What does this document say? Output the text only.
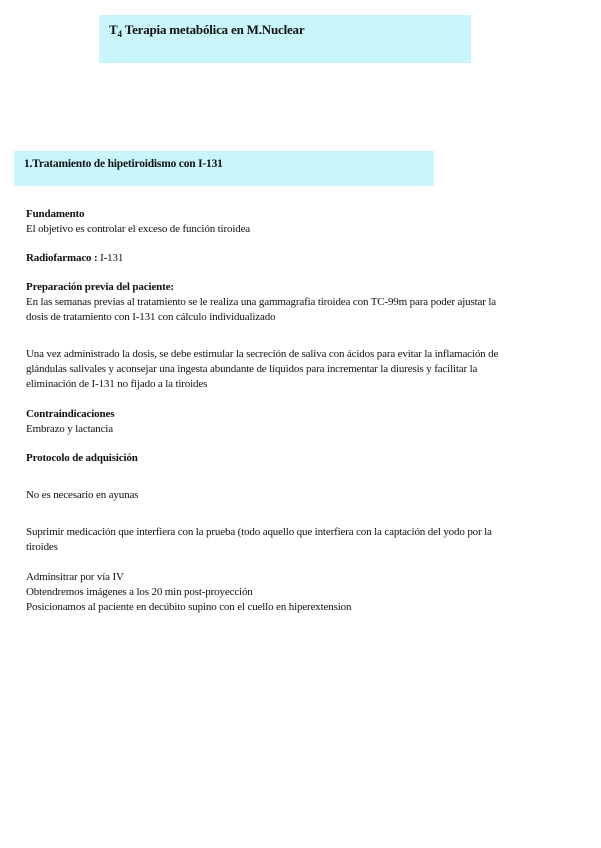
$T_4$ Terapia metabólica en M.Nuclear
1.Tratamiento de hipetiroidismo con I-131

Fundamento

El objetivo es controlar el exceso de función tiroidea

Radiofarmaco : I-131

Preparación previa del paciente:

En las semanas previas al tratamiento se le realiza una gammagrafia tiroidea con TC-99m para poder ajustar la

dosis de tratamiento con I-131 con cálculo individualizado

Una vez administrado la dosis, se debe estimular la secreción de saliva con ácidos para evitar la inflamación de

glándulas salivales y aconsejar una ingesta abundante de líquidos para incrementar la diuresis y facilitar la

eliminación de I-131 no fijado a la tiroides

Contraindicaciones

Embrazo y lactancia

Protocolo de adquisición

No es necesario en ayunas

Suprimir medicación que interfiera con la prueba (todo aquello que interfiera con la captación del yodo por la

tiroides

Adminsitrar por vía IV

Obtendremos imágenes a los 20 min post-proyección

Posicionamos al paciente en decúbito supino con el cuello en hiperextension
